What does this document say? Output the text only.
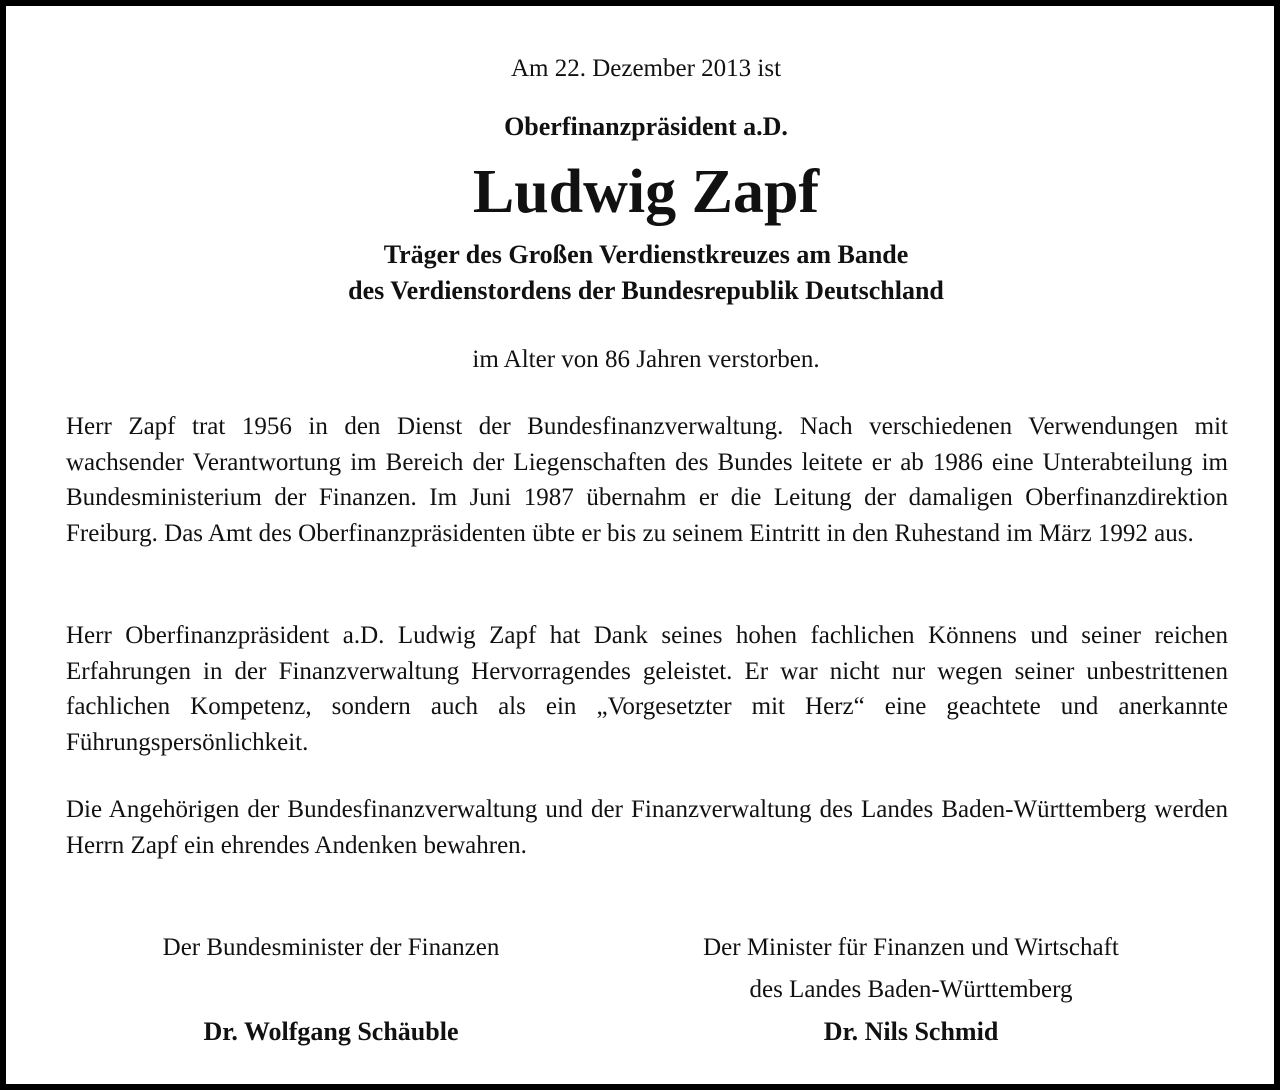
Am 22. Dezember 2013 ist
Oberfinanzpräsident a.D.
Ludwig Zapf
Träger des Großen Verdienstkreuzes am Bande
des Verdienstordens der Bundesrepublik Deutschland
im Alter von 86 Jahren verstorben.
Herr Zapf trat 1956 in den Dienst der Bundesfinanzverwaltung. Nach verschiedenen Verwendungen mit wachsender Verantwortung im Bereich der Liegenschaften des Bundes leitete er ab 1986 eine Unterabteilung im Bundesministerium der Finanzen. Im Juni 1987 übernahm er die Leitung der damaligen Oberfinanzdirektion Freiburg. Das Amt des Oberfinanzpräsidenten übte er bis zu seinem Eintritt in den Ruhestand im März 1992 aus.
Herr Oberfinanzpräsident a.D. Ludwig Zapf hat Dank seines hohen fachlichen Könnens und seiner reichen Erfahrungen in der Finanzverwaltung Hervorragendes geleistet. Er war nicht nur wegen seiner unbestrittenen fachlichen Kompetenz, sondern auch als ein „Vorgesetzter mit Herz“ eine geachtete und anerkannte Führungspersönlichkeit.
Die Angehörigen der Bundesfinanzverwaltung und der Finanzverwaltung des Landes Baden-Württemberg werden Herrn Zapf ein ehrendes Andenken bewahren.
Der Bundesminister der Finanzen	Der Minister für Finanzen und Wirtschaft
des Landes Baden-Württemberg
Dr. Wolfgang Schäuble	Dr. Nils Schmid
